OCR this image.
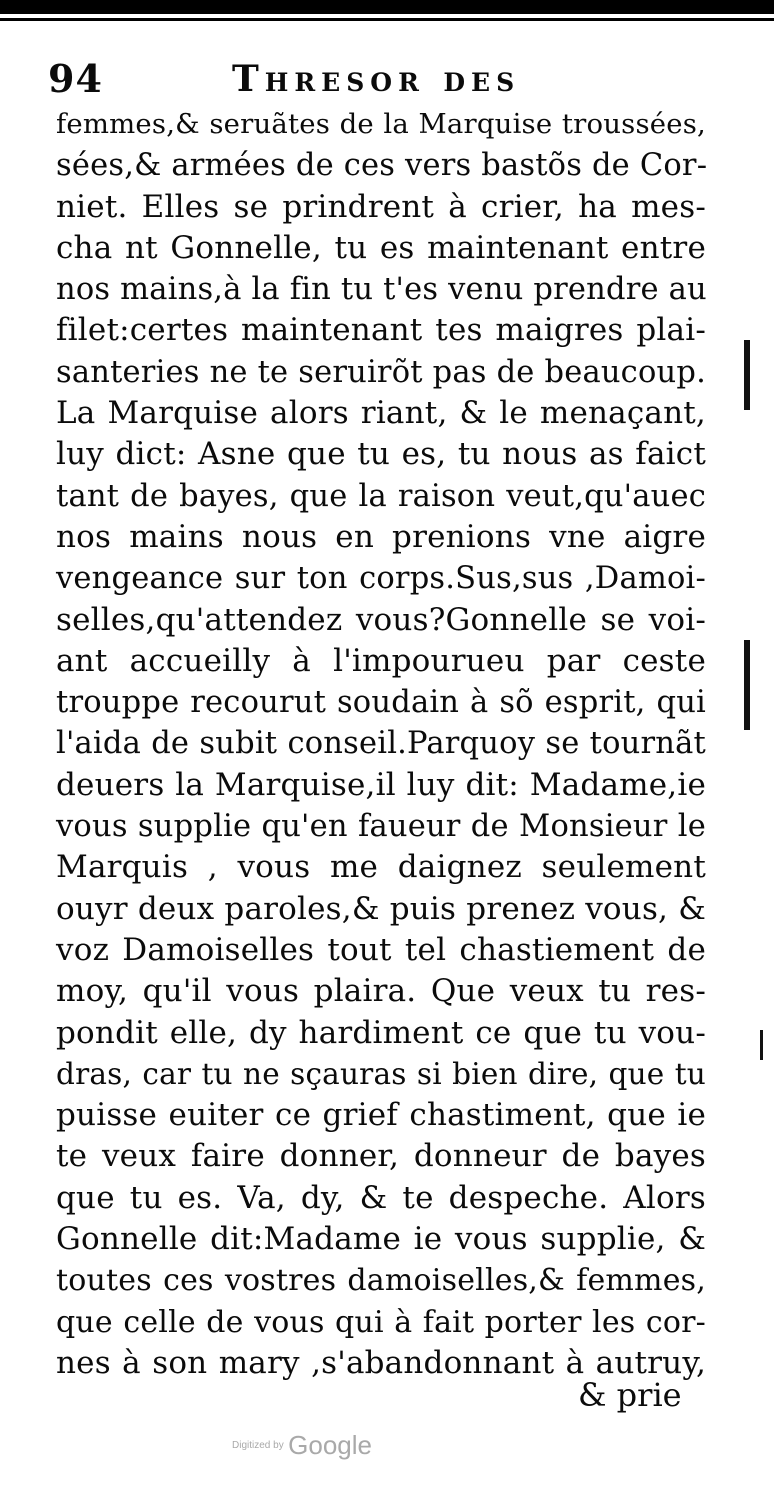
94	Thresor des
femmes,& seruãtes de la Marquise troussées,
sées,& armées de ces vers bastõs de Cor-
niet. Elles se prindrent à crier, ha mes-
cha nt Gonnelle, tu es maintenant entre
nos mains,à la fin tu t'es venu prendre au
filet:certes maintenant tes maigres plai-
santeries ne te seruirõt pas de beaucoup.
La Marquise alors riant, & le menaçant,
luy dict: Asne que tu es, tu nous as faict
tant de bayes, que la raison veut,qu'auec
nos mains nous en prenions vne aigre
vengeance sur ton corps.Sus,sus ,Damoi-
selles,qu'attendez vous?Gonnelle se voi-
ant accueilly à l'impourueu par ceste
trouppe recourut soudain à sõ esprit, qui
l'aida de subit conseil.Parquoy se tournãt
deuers la Marquise,il luy dit: Madame,ie
vous supplie qu'en faueur de Monsieur le
Marquis , vous me daignez seulement
ouyr deux paroles,& puis prenez vous, &
voz Damoiselles tout tel chastiement de
moy, qu'il vous plaira. Que veux tu res-
pondit elle, dy hardiment ce que tu vou-
dras, car tu ne sçauras si bien dire, que tu
puisse euiter ce grief chastiment, que ie
te veux faire donner, donneur de bayes
que tu es. Va, dy, & te despeche. Alors
Gonnelle dit:Madame ie vous supplie, &
toutes ces vostres damoiselles,& femmes,
que celle de vous qui à fait porter les cor-
nes à son mary ,s'abandonnant à autruy,
& prie
Digitized by Google
